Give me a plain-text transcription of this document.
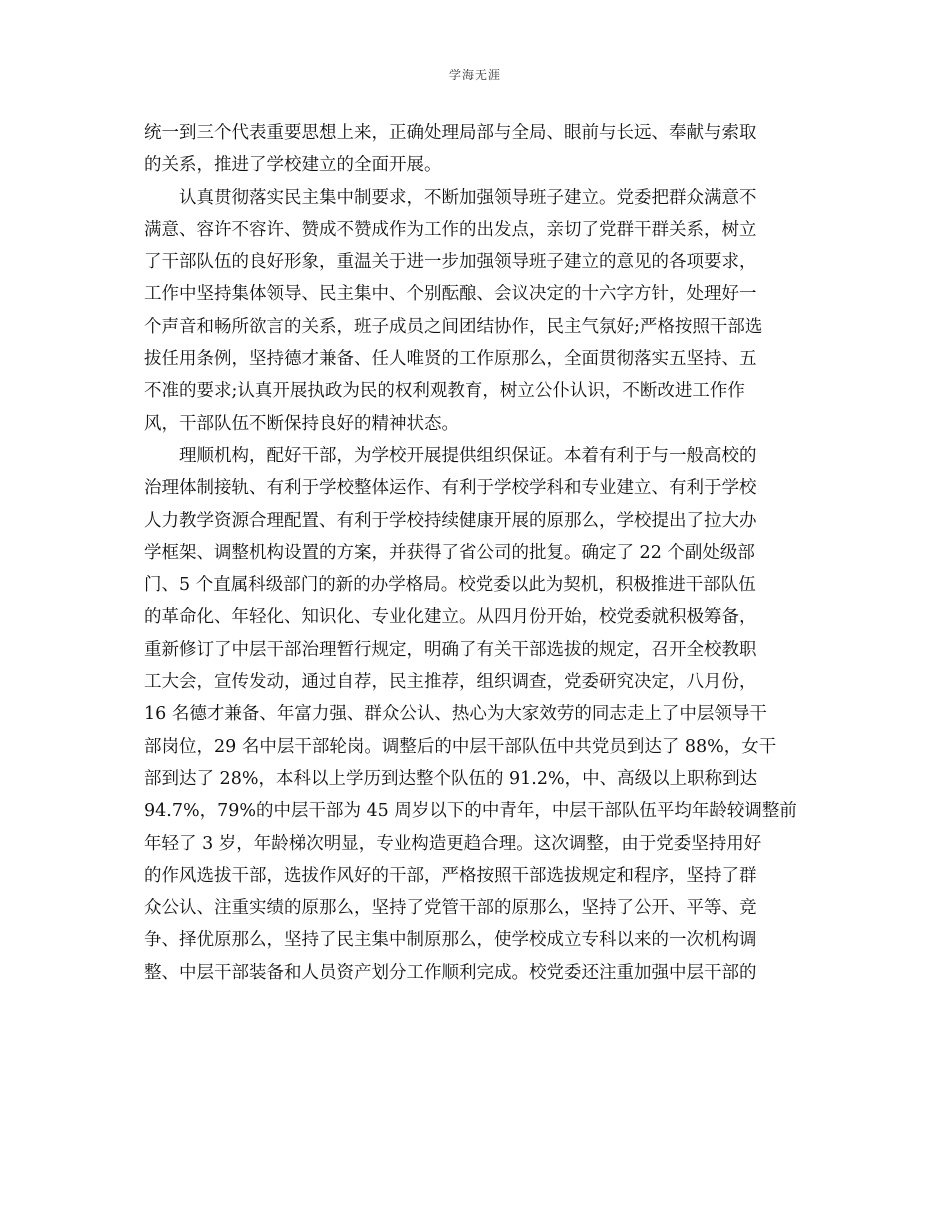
学海无涯
统一到三个代表重要思想上来，正确处理局部与全局、眼前与长远、奉献与索取
的关系，推进了学校建立的全面开展。
认真贯彻落实民主集中制要求，不断加强领导班子建立。党委把群众满意不
满意、容许不容许、赞成不赞成作为工作的出发点，亲切了党群干群关系，树立
了干部队伍的良好形象，重温关于进一步加强领导班子建立的意见的各项要求，
工作中坚持集体领导、民主集中、个别酝酿、会议决定的十六字方针，处理好一
个声音和畅所欲言的关系，班子成员之间团结协作，民主气氛好;严格按照干部选
拔任用条例，坚持德才兼备、任人唯贤的工作原那么，全面贯彻落实五坚持、五
不准的要求;认真开展执政为民的权利观教育，树立公仆认识，不断改进工作作
风，干部队伍不断保持良好的精神状态。
理顺机构，配好干部，为学校开展提供组织保证。本着有利于与一般高校的
治理体制接轨、有利于学校整体运作、有利于学校学科和专业建立、有利于学校
人力教学资源合理配置、有利于学校持续健康开展的原那么，学校提出了拉大办
学框架、调整机构设置的方案，并获得了省公司的批复。确定了 22 个副处级部
门、5 个直属科级部门的新的办学格局。校党委以此为契机，积极推进干部队伍
的革命化、年轻化、知识化、专业化建立。从四月份开始，校党委就积极筹备，
重新修订了中层干部治理暂行规定，明确了有关干部选拔的规定，召开全校教职
工大会，宣传发动，通过自荐，民主推荐，组织调查，党委研究决定，八月份，
16 名德才兼备、年富力强、群众公认、热心为大家效劳的同志走上了中层领导干
部岗位，29 名中层干部轮岗。调整后的中层干部队伍中共党员到达了 88%，女干
部到达了 28%，本科以上学历到达整个队伍的 91.2%，中、高级以上职称到达
94.7%，79%的中层干部为 45 周岁以下的中青年，中层干部队伍平均年龄较调整前
年轻了 3 岁，年龄梯次明显，专业构造更趋合理。这次调整，由于党委坚持用好
的作风选拔干部，选拔作风好的干部，严格按照干部选拔规定和程序，坚持了群
众公认、注重实绩的原那么，坚持了党管干部的原那么，坚持了公开、平等、竞
争、择优原那么，坚持了民主集中制原那么，使学校成立专科以来的一次机构调
整、中层干部装备和人员资产划分工作顺利完成。校党委还注重加强中层干部的
